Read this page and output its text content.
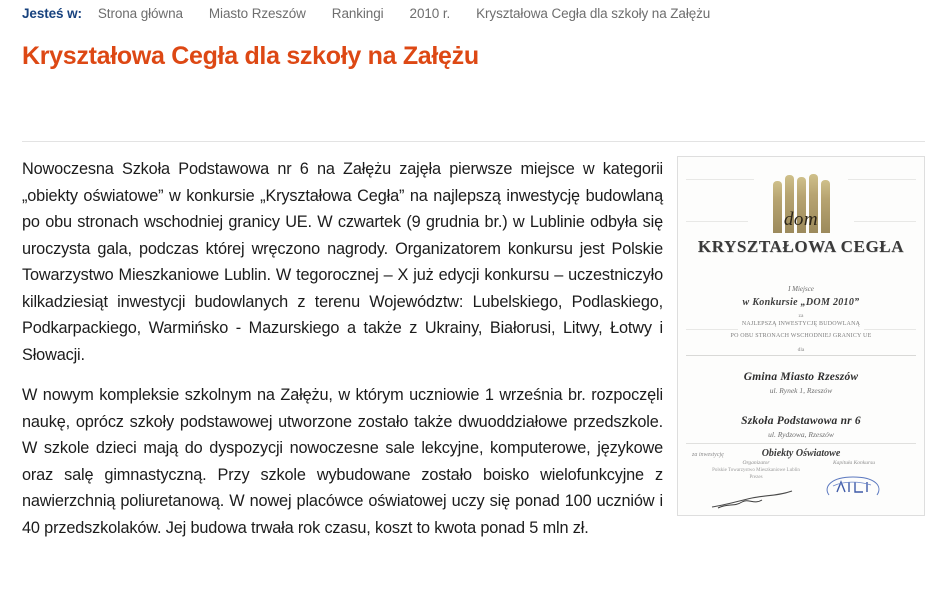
Jesteś w: Strona główna Miasto Rzeszów Rankingi 2010 r. Kryształowa Cegła dla szkoły na Załężu
Kryształowa Cegła dla szkoły na Załężu
dom
KRYSZTAŁOWA CEGŁA
I Miejsce
w Konkursie „DOM 2010”
za
NAJLEPSZĄ INWESTYCJĘ BUDOWLANĄ
PO OBU STRONACH WSCHODNIEJ GRANICY UE
dla
Gmina Miasto Rzeszów
ul. Rynek 1, Rzeszów
Szkoła Podstawowa nr 6
ul. Rydzowa, Rzeszów
za inwestycję	Obiekty Oświatowe
Organizator
Polskie Towarzystwo Mieszkaniowe Lublin
Prezes
Kapituła Konkursu

Nowoczesna Szkoła Podstawowa nr 6 na Załężu zajęła pierwsze miejsce w kategorii „obiekty oświatowe” w konkursie „Kryształowa Cegła” na najlepszą inwestycję budowlaną po obu stronach wschodniej granicy UE. W czwartek (9 grudnia br.) w Lublinie odbyła się uroczysta gala, podczas której wręczono nagrody. Organizatorem konkursu jest Polskie Towarzystwo Mieszkaniowe Lublin. W tegorocznej – X już edycji konkursu – uczestniczyło kilkadziesiąt inwestycji budowlanych z terenu Województw: Lubelskiego, Podlaskiego, Podkarpackiego, Warmińsko - Mazurskiego a także z Ukrainy, Białorusi, Litwy, Łotwy i Słowacji.

W nowym kompleksie szkolnym na Załężu, w którym uczniowie 1 września br. rozpoczęli naukę, oprócz szkoły podstawowej utworzone zostało także dwuoddziałowe przedszkole. W szkole dzieci mają do dyspozycji nowoczesne sale lekcyjne, komputerowe, językowe oraz salę gimnastyczną. Przy szkole wybudowane zostało boisko wielofunkcyjne z nawierzchnią poliuretanową. W nowej placówce oświatowej uczy się ponad 100 uczniów i 40 przedszkolaków. Jej budowa trwała rok czasu, koszt to kwota ponad 5 mln zł.
